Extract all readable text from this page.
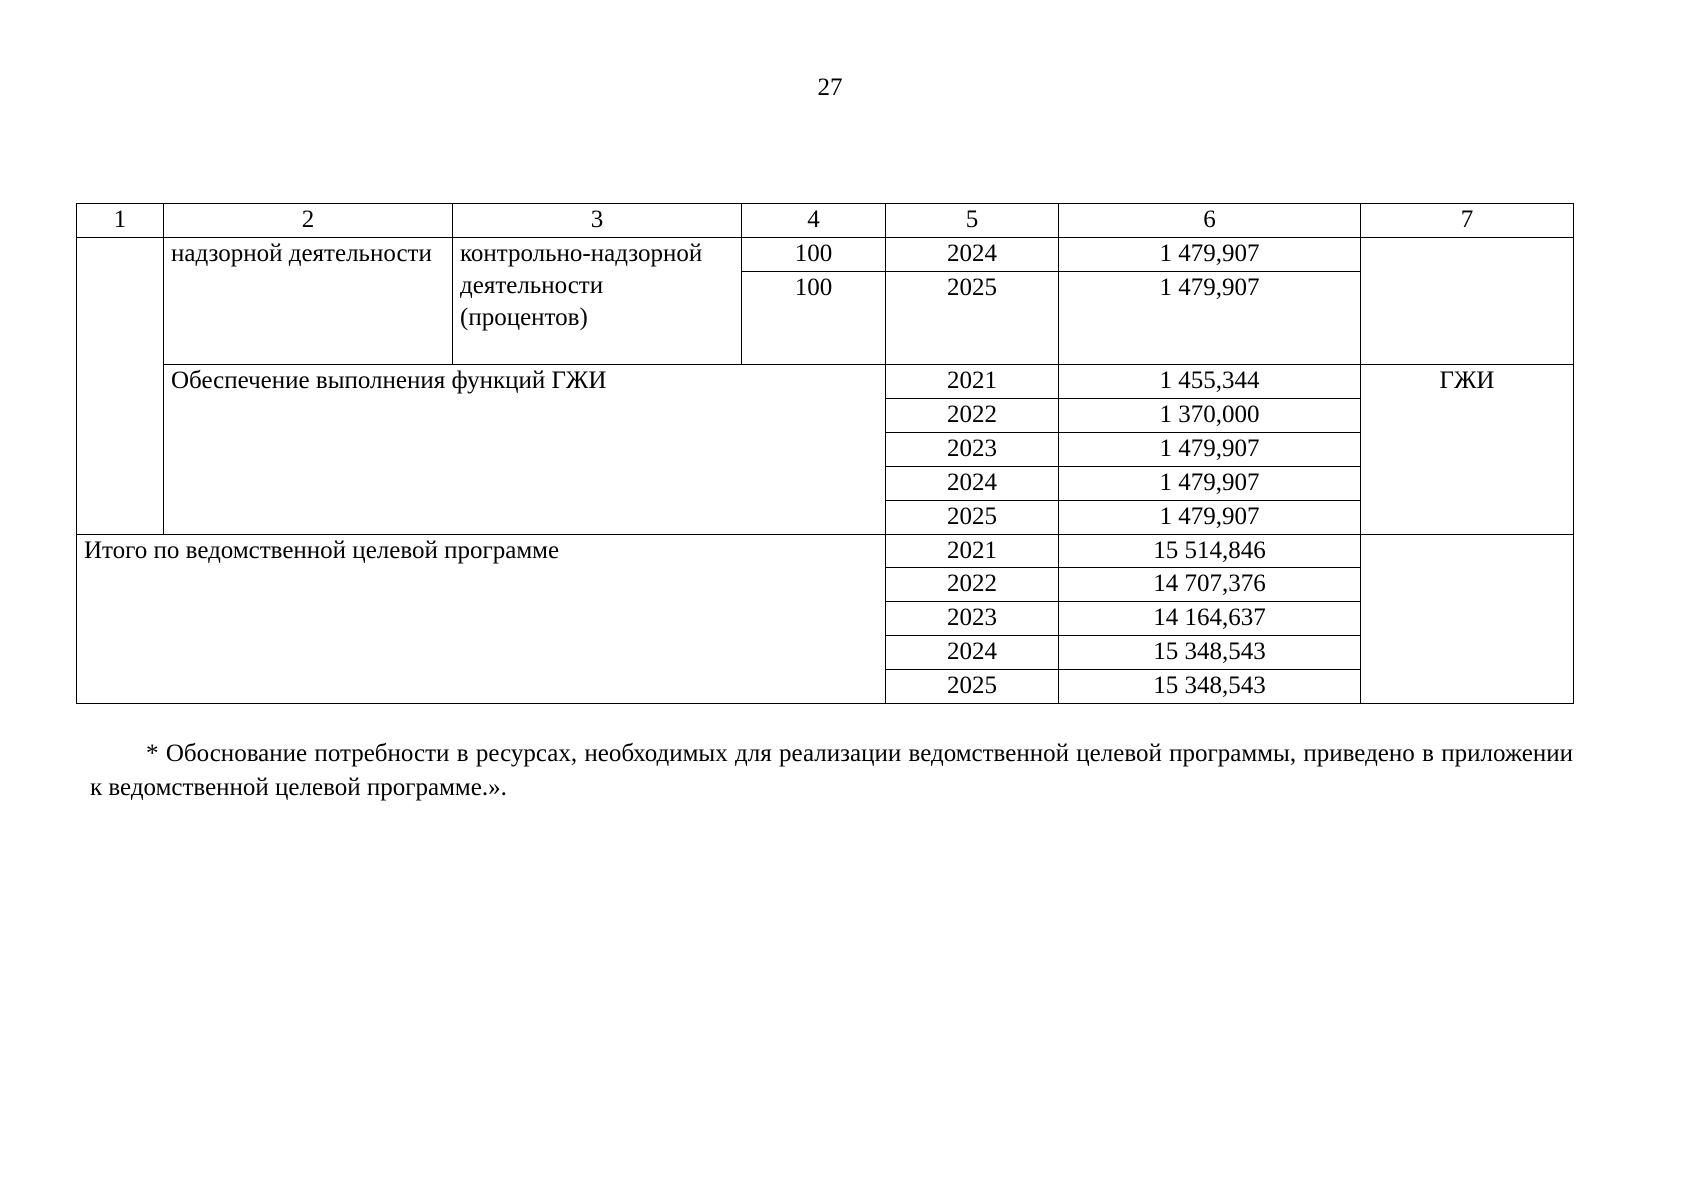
27
1	2	3	4	5	6	7
	надзорной деятельности	контрольно-надзорной деятельности (процентов)	100	2024	1 479,907	
			100	2025	1 479,907	
	Обеспечение выполнения функций ГЖИ			2021	1 455,344	ГЖИ
				2022	1 370,000	
				2023	1 479,907	
				2024	1 479,907	
				2025	1 479,907	
Итого по ведомственной целевой программе				2021	15 514,846	
				2022	14 707,376	
				2023	14 164,637	
				2024	15 348,543	
				2025	15 348,543	
* Обоснование потребности в ресурсах, необходимых для реализации ведомственной целевой программы, приведено в приложении к ведомственной целевой программе.».
